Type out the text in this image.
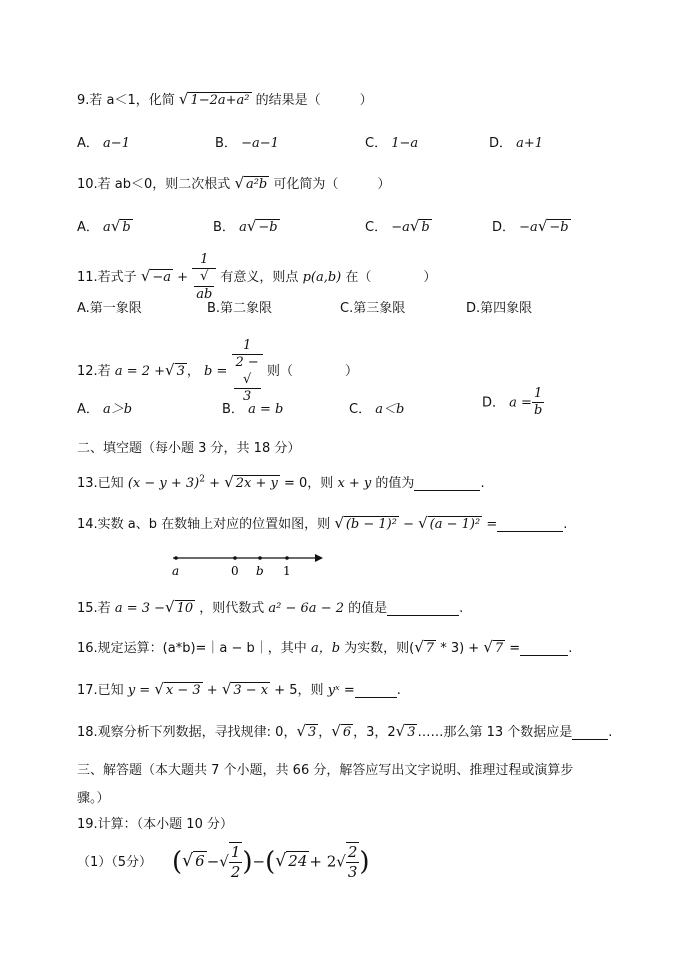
9.若 a＜1，化简 √ 1−2a+a² 的结果是（　　　）
A． a−1	B． −a−1	C． 1−a	D． a+1
10.若 ab＜0，则二次根式 √ a²b 可化简为（　　　）
A． a√ b	B． a√ −b	C． −a√ b	D． −a√ −b
11.若式子 √ −a + 1
√
ab 有意义，则点 p(a,b) 在（　　　　）
A.第一象限	B.第二象限	C.第三象限	D.第四象限
12.若 a = 2 +√ 3 ， b = 1
2 −
√
3 则（　　　　）
A． a＞b	B． a = b	C． a＜b	D． $a = \frac{1}{b}$
二、填空题（每小题 3 分，共 18 分）
13.已知 $(x - y + 3)^2$ + √ 2x + y = 0，则 x + y 的值为	.
14.实数 a、b 在数轴上对应的位置如图，则 √ (b − 1)² − √ (a − 1)² =	.
a	0 b 1
15.若 a = 3 −√ 10 ，则代数式 a² − 6a − 2 的值是	.
16.规定运算：(a*b)=｜a − b｜，其中 a，b 为实数，则(√ 7 * 3) + √ 7 =	.
17.已知 y = √ x − 3 + √ 3 − x + 5，则 yˣ =	.
18.观察分析下列数据，寻找规律: 0，√ 3 ，√ 6 ，3，2√ 3 ……那么第 13 个数据应是	.
三、解答题（本大题共 7 个小题，共 66 分，解答应写出文字说明、推理过程或演算步
骤。）
19.计算：（本小题 10 分）
（1）（5分） (√ 6 −√ $\frac{1}{2}$ )−(√ $24 + 2√ \frac{2}{3}$ )
